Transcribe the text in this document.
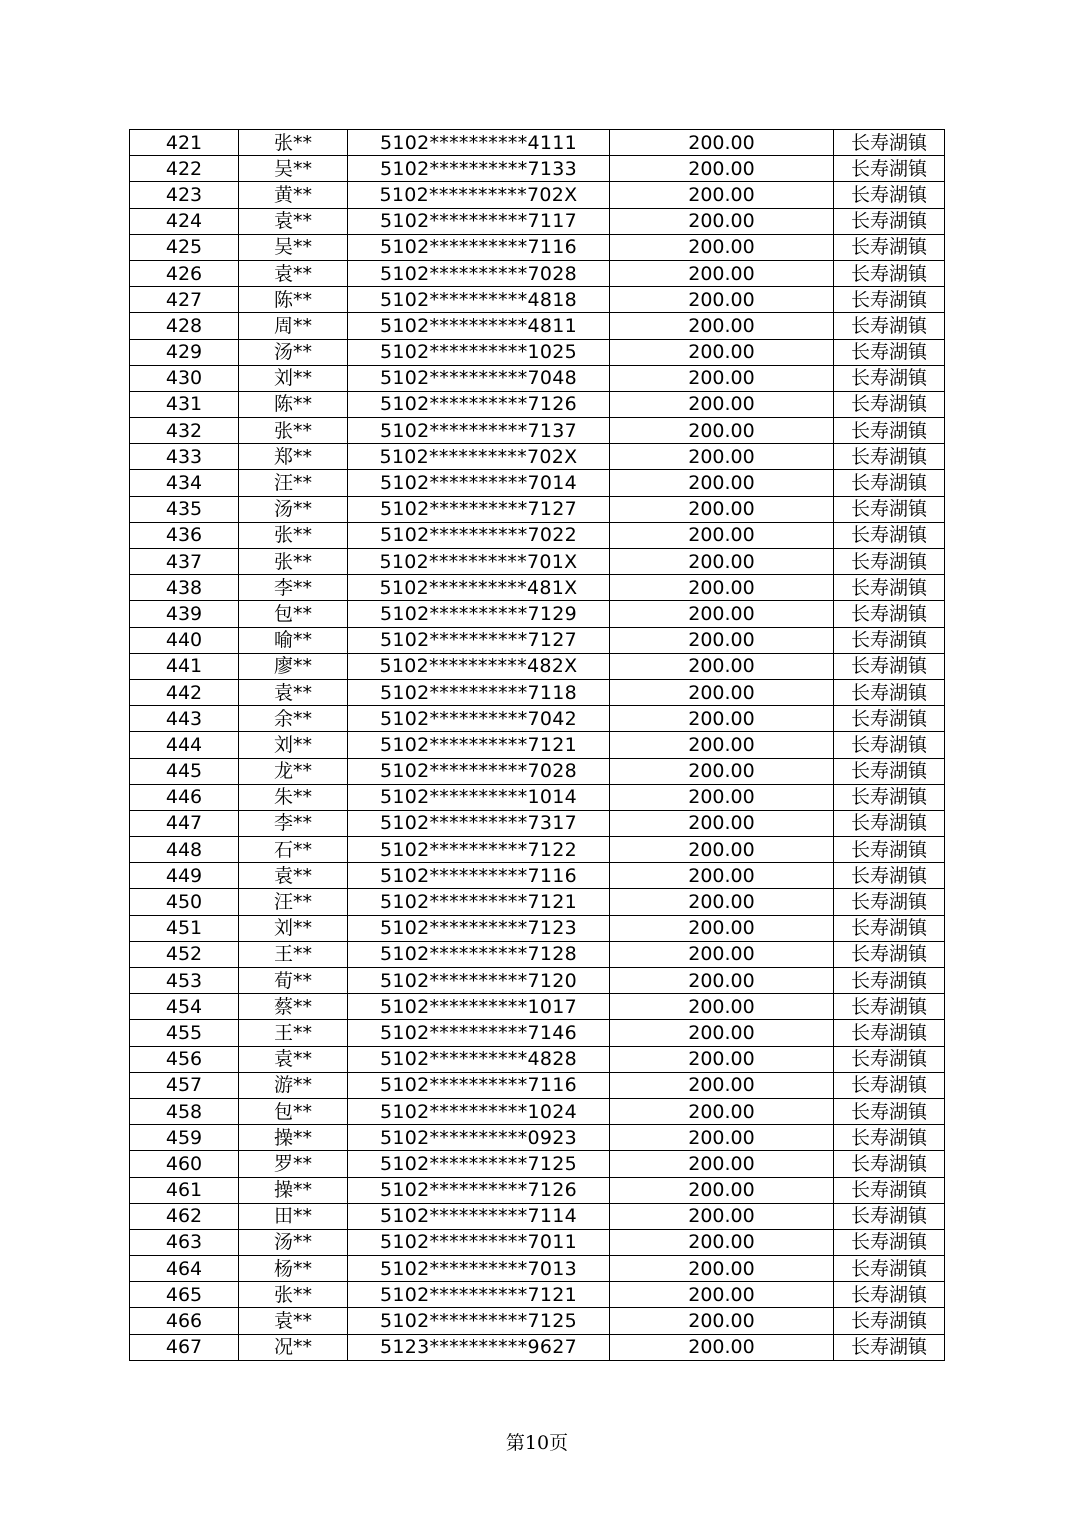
421	张**	5102**********4111	200.00	长寿湖镇
422	吴**	5102**********7133	200.00	长寿湖镇
423	黄**	5102**********702X	200.00	长寿湖镇
424	袁**	5102**********7117	200.00	长寿湖镇
425	吴**	5102**********7116	200.00	长寿湖镇
426	袁**	5102**********7028	200.00	长寿湖镇
427	陈**	5102**********4818	200.00	长寿湖镇
428	周**	5102**********4811	200.00	长寿湖镇
429	汤**	5102**********1025	200.00	长寿湖镇
430	刘**	5102**********7048	200.00	长寿湖镇
431	陈**	5102**********7126	200.00	长寿湖镇
432	张**	5102**********7137	200.00	长寿湖镇
433	郑**	5102**********702X	200.00	长寿湖镇
434	汪**	5102**********7014	200.00	长寿湖镇
435	汤**	5102**********7127	200.00	长寿湖镇
436	张**	5102**********7022	200.00	长寿湖镇
437	张**	5102**********701X	200.00	长寿湖镇
438	李**	5102**********481X	200.00	长寿湖镇
439	包**	5102**********7129	200.00	长寿湖镇
440	喻**	5102**********7127	200.00	长寿湖镇
441	廖**	5102**********482X	200.00	长寿湖镇
442	袁**	5102**********7118	200.00	长寿湖镇
443	余**	5102**********7042	200.00	长寿湖镇
444	刘**	5102**********7121	200.00	长寿湖镇
445	龙**	5102**********7028	200.00	长寿湖镇
446	朱**	5102**********1014	200.00	长寿湖镇
447	李**	5102**********7317	200.00	长寿湖镇
448	石**	5102**********7122	200.00	长寿湖镇
449	袁**	5102**********7116	200.00	长寿湖镇
450	汪**	5102**********7121	200.00	长寿湖镇
451	刘**	5102**********7123	200.00	长寿湖镇
452	王**	5102**********7128	200.00	长寿湖镇
453	荀**	5102**********7120	200.00	长寿湖镇
454	蔡**	5102**********1017	200.00	长寿湖镇
455	王**	5102**********7146	200.00	长寿湖镇
456	袁**	5102**********4828	200.00	长寿湖镇
457	游**	5102**********7116	200.00	长寿湖镇
458	包**	5102**********1024	200.00	长寿湖镇
459	操**	5102**********0923	200.00	长寿湖镇
460	罗**	5102**********7125	200.00	长寿湖镇
461	操**	5102**********7126	200.00	长寿湖镇
462	田**	5102**********7114	200.00	长寿湖镇
463	汤**	5102**********7011	200.00	长寿湖镇
464	杨**	5102**********7013	200.00	长寿湖镇
465	张**	5102**********7121	200.00	长寿湖镇
466	袁**	5102**********7125	200.00	长寿湖镇
467	况**	5123**********9627	200.00	长寿湖镇
第10页
